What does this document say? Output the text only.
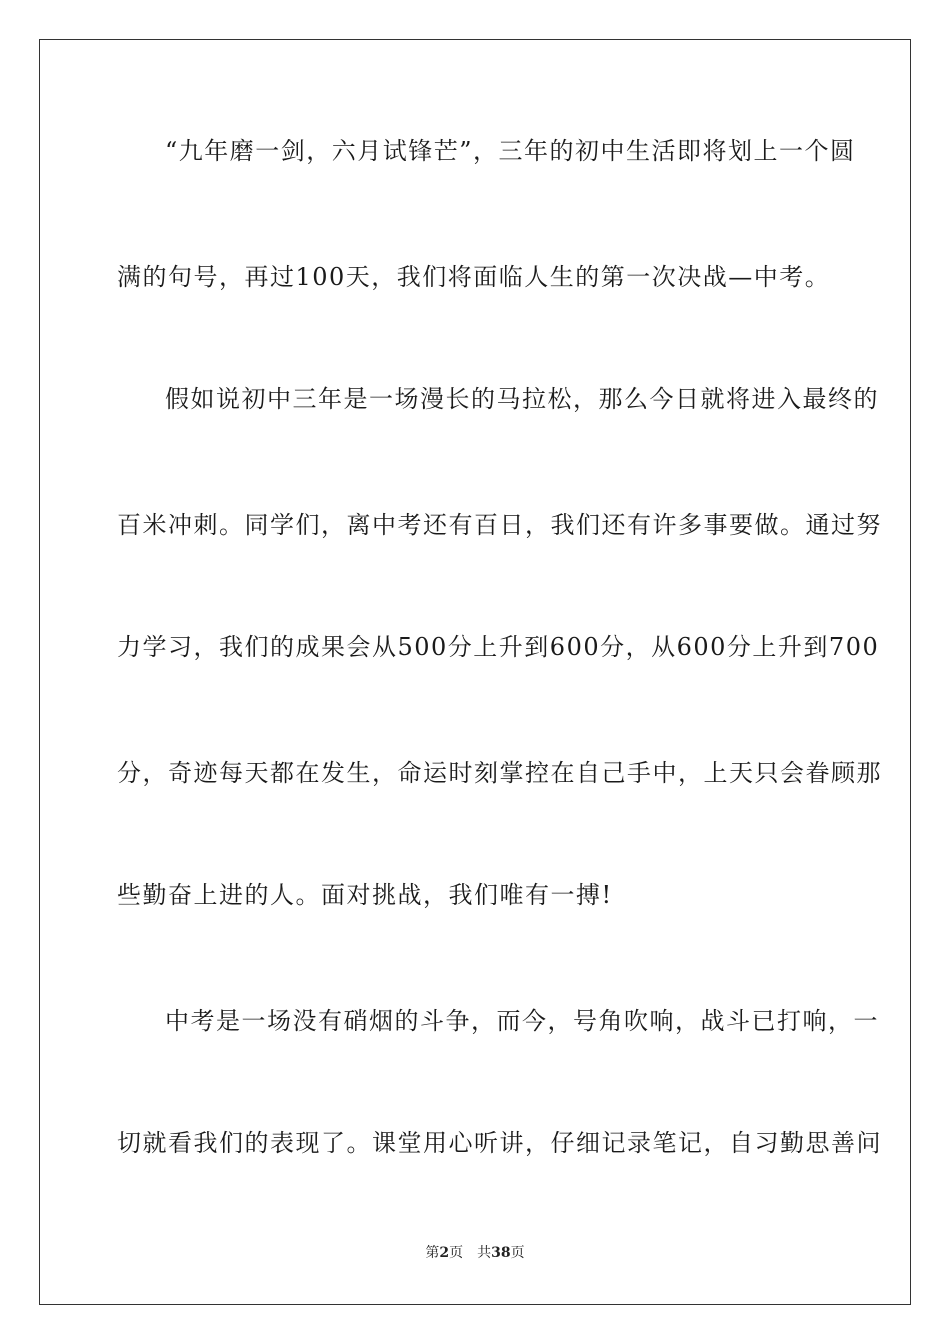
“九年磨一剑，六月试锋芒”，三年的初中生活即将划上一个圆
满的句号，再过100天，我们将面临人生的第一次决战—中考。
假如说初中三年是一场漫长的马拉松，那么今日就将进入最终的
百米冲刺。同学们，离中考还有百日，我们还有许多事要做。通过努
力学习，我们的成果会从500分上升到600分，从600分上升到700
分，奇迹每天都在发生，命运时刻掌控在自己手中，上天只会眷顾那
些勤奋上进的人。面对挑战，我们唯有一搏!
中考是一场没有硝烟的斗争，而今，号角吹响，战斗已打响，一
切就看我们的表现了。课堂用心听讲，仔细记录笔记，自习勤思善问
第2页 共38页
